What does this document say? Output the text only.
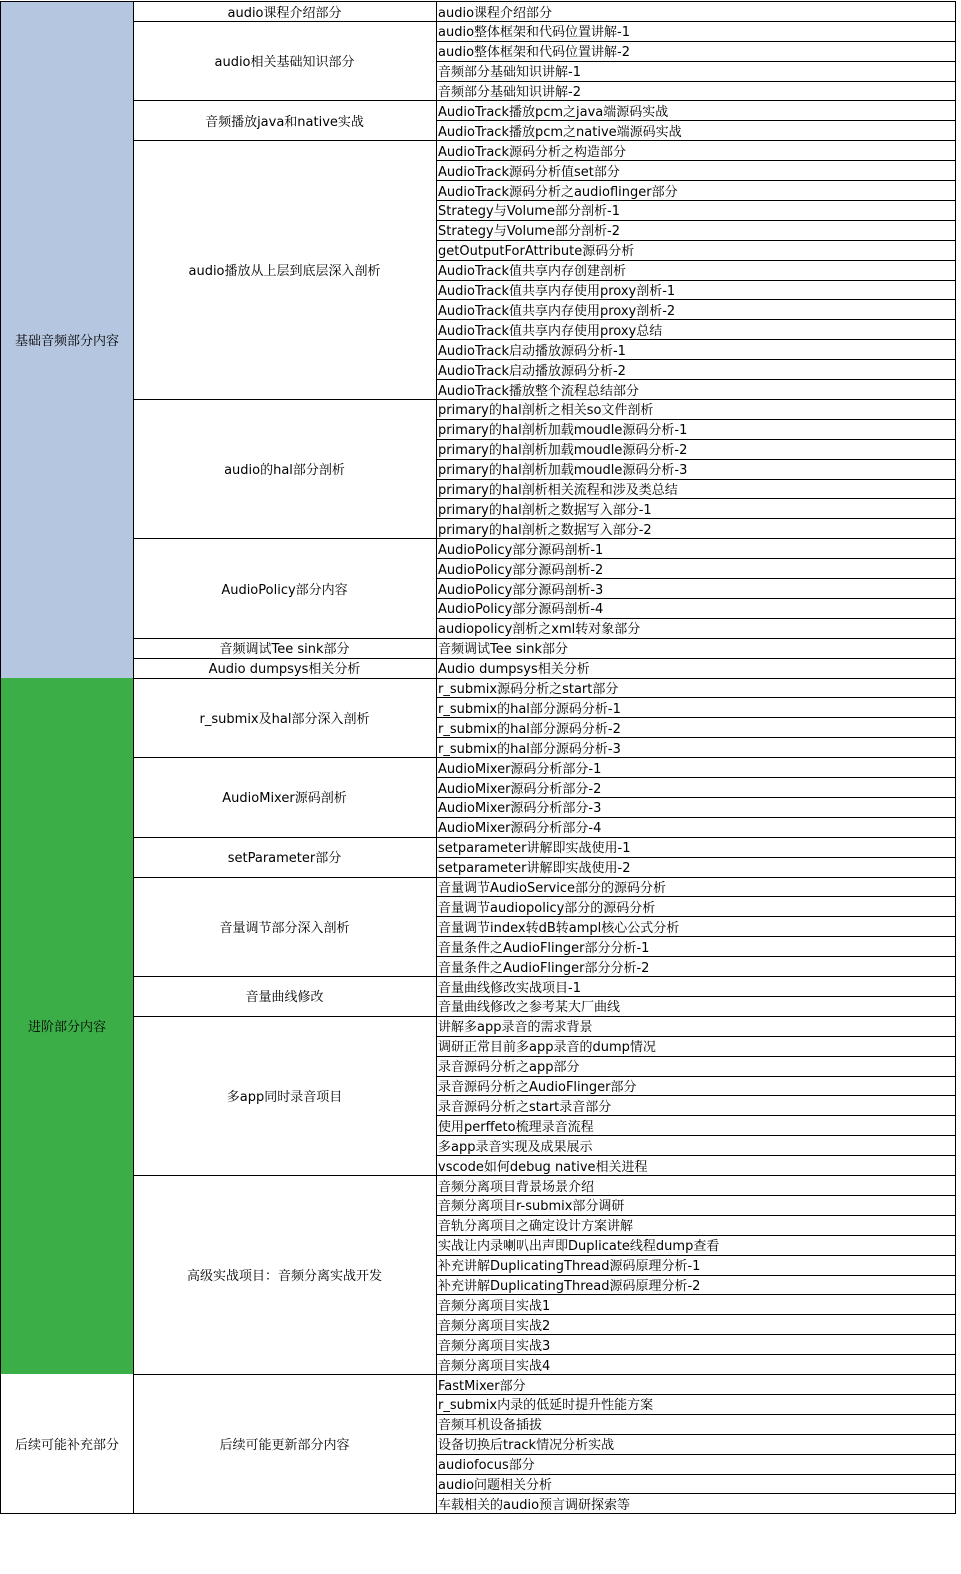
audio课程介绍部分
audio课程介绍部分
audio整体框架和代码位置讲解-1
audio整体框架和代码位置讲解-2
音频部分基础知识讲解-1
音频部分基础知识讲解-2
audio相关基础知识部分
AudioTrack播放pcm之java端源码实战
AudioTrack播放pcm之native端源码实战
音频播放java和native实战
AudioTrack源码分析之构造部分
AudioTrack源码分析值set部分
AudioTrack源码分析之audioflinger部分
Strategy与Volume部分剖析-1
Strategy与Volume部分剖析-2
getOutputForAttribute源码分析
AudioTrack值共享内存创建剖析
AudioTrack值共享内存使用proxy剖析-1
AudioTrack值共享内存使用proxy剖析-2
AudioTrack值共享内存使用proxy总结
AudioTrack启动播放源码分析-1
AudioTrack启动播放源码分析-2
AudioTrack播放整个流程总结部分
audio播放从上层到底层深入剖析
primary的hal剖析之相关so文件剖析
primary的hal剖析加载moudle源码分析-1
primary的hal剖析加载moudle源码分析-2
primary的hal剖析加载moudle源码分析-3
primary的hal剖析相关流程和涉及类总结
primary的hal剖析之数据写入部分-1
primary的hal剖析之数据写入部分-2
audio的hal部分剖析
AudioPolicy部分源码剖析-1
AudioPolicy部分源码剖析-2
AudioPolicy部分源码剖析-3
AudioPolicy部分源码剖析-4
audiopolicy剖析之xml转对象部分
AudioPolicy部分内容
音频调试Tee sink部分
音频调试Tee sink部分
Audio dumpsys相关分析
Audio dumpsys相关分析
基础音频部分内容
r_submix源码分析之start部分
r_submix的hal部分源码分析-1
r_submix的hal部分源码分析-2
r_submix的hal部分源码分析-3
r_submix及hal部分深入剖析
AudioMixer源码分析部分-1
AudioMixer源码分析部分-2
AudioMixer源码分析部分-3
AudioMixer源码分析部分-4
AudioMixer源码剖析
setparameter讲解即实战使用-1
setparameter讲解即实战使用-2
setParameter部分
音量调节AudioService部分的源码分析
音量调节audiopolicy部分的源码分析
音量调节index转dB转ampl核心公式分析
音量条件之AudioFlinger部分分析-1
音量条件之AudioFlinger部分分析-2
音量调节部分深入剖析
音量曲线修改实战项目-1
音量曲线修改之参考某大厂曲线
音量曲线修改
讲解多app录音的需求背景
调研正常目前多app录音的dump情况
录音源码分析之app部分
录音源码分析之AudioFlinger部分
录音源码分析之start录音部分
使用perffeto梳理录音流程
多app录音实现及成果展示
vscode如何debug native相关进程
多app同时录音项目
音频分离项目背景场景介绍
音频分离项目r-submix部分调研
音轨分离项目之确定设计方案讲解
实战让内录喇叭出声即Duplicate线程dump查看
补充讲解DuplicatingThread源码原理分析-1
补充讲解DuplicatingThread源码原理分析-2
音频分离项目实战1
音频分离项目实战2
音频分离项目实战3
音频分离项目实战4
高级实战项目：音频分离实战开发
进阶部分内容
FastMixer部分
r_submix内录的低延时提升性能方案
音频耳机设备插拔
设备切换后track情况分析实战
audiofocus部分
audio问题相关分析
车载相关的audio预言调研探索等
后续可能更新部分内容
后续可能补充部分
